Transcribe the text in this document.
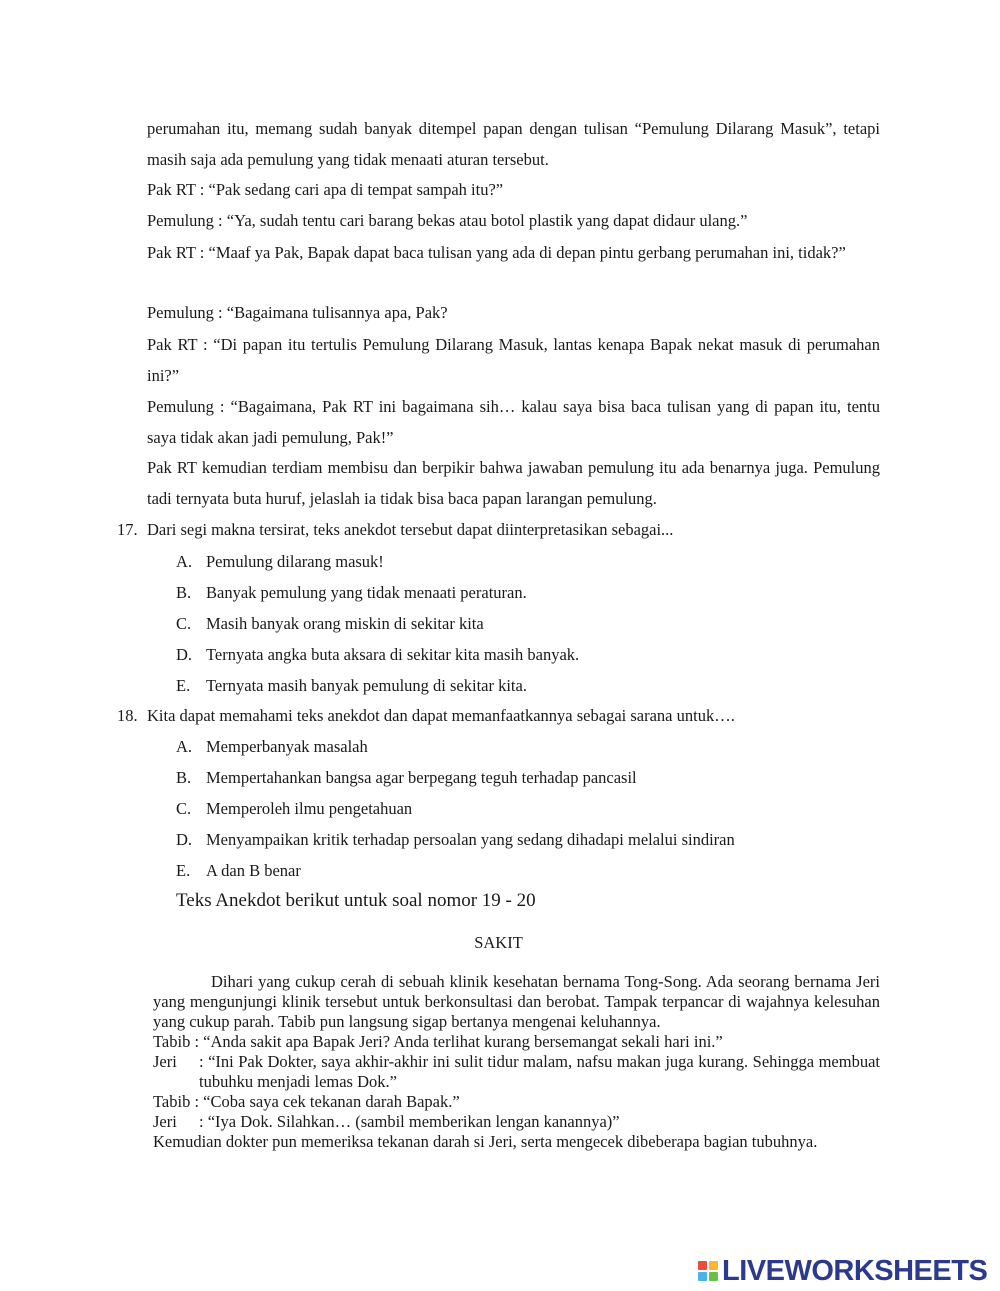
perumahan itu, memang sudah banyak ditempel papan dengan tulisan “Pemulung Dilarang Masuk”, tetapi masih saja ada pemulung yang tidak menaati aturan tersebut.
Pak RT : “Pak sedang cari apa di tempat sampah itu?”
Pemulung : “Ya, sudah tentu cari barang bekas atau botol plastik yang dapat didaur ulang.”
Pak RT : “Maaf ya Pak, Bapak dapat baca tulisan yang ada di depan pintu gerbang perumahan ini, tidak?”
Pemulung : “Bagaimana tulisannya apa, Pak?
Pak RT : “Di papan itu tertulis Pemulung Dilarang Masuk, lantas kenapa Bapak nekat masuk di perumahan ini?”
Pemulung : “Bagaimana, Pak RT ini bagaimana sih… kalau saya bisa baca tulisan yang di papan itu, tentu saya tidak akan jadi pemulung, Pak!”
Pak RT kemudian terdiam membisu dan berpikir bahwa jawaban pemulung itu ada benarnya juga. Pemulung tadi ternyata buta huruf, jelaslah ia tidak bisa baca papan larangan pemulung.
17. Dari segi makna tersirat, teks anekdot tersebut dapat diinterpretasikan sebagai...
A. Pemulung dilarang masuk!
B. Banyak pemulung yang tidak menaati peraturan.
C. Masih banyak orang miskin di sekitar kita
D. Ternyata angka buta aksara di sekitar kita masih banyak.
E. Ternyata masih banyak pemulung di sekitar kita.
18. Kita dapat memahami teks anekdot dan dapat memanfaatkannya sebagai sarana untuk….
A. Memperbanyak masalah
B. Mempertahankan bangsa agar berpegang teguh terhadap pancasil
C. Memperoleh ilmu pengetahuan
D. Menyampaikan kritik terhadap persoalan yang sedang dihadapi melalui sindiran
E. A dan B benar
Teks Anekdot berikut untuk soal nomor 19 - 20
SAKIT

Dihari yang cukup cerah di sebuah klinik kesehatan bernama Tong-Song. Ada seorang bernama Jeri yang mengunjungi klinik tersebut untuk berkonsultasi dan berobat. Tampak terpancar di wajahnya kelesuhan yang cukup parah. Tabib pun langsung sigap bertanya mengenai keluhannya.

Tabib : “Anda sakit apa Bapak Jeri? Anda terlihat kurang bersemangat sekali hari ini.”

Jeri	: “Ini Pak Dokter, saya akhir-akhir ini sulit tidur malam, nafsu makan juga kurang. Sehingga membuat tubuhku menjadi lemas Dok.”

Tabib : “Coba saya cek tekanan darah Bapak.”

Jeri	: “Iya Dok. Silahkan… (sambil memberikan lengan kanannya)”

Kemudian dokter pun memeriksa tekanan darah si Jeri, serta mengecek dibeberapa bagian tubuhnya.

LIVEWORKSHEETS
